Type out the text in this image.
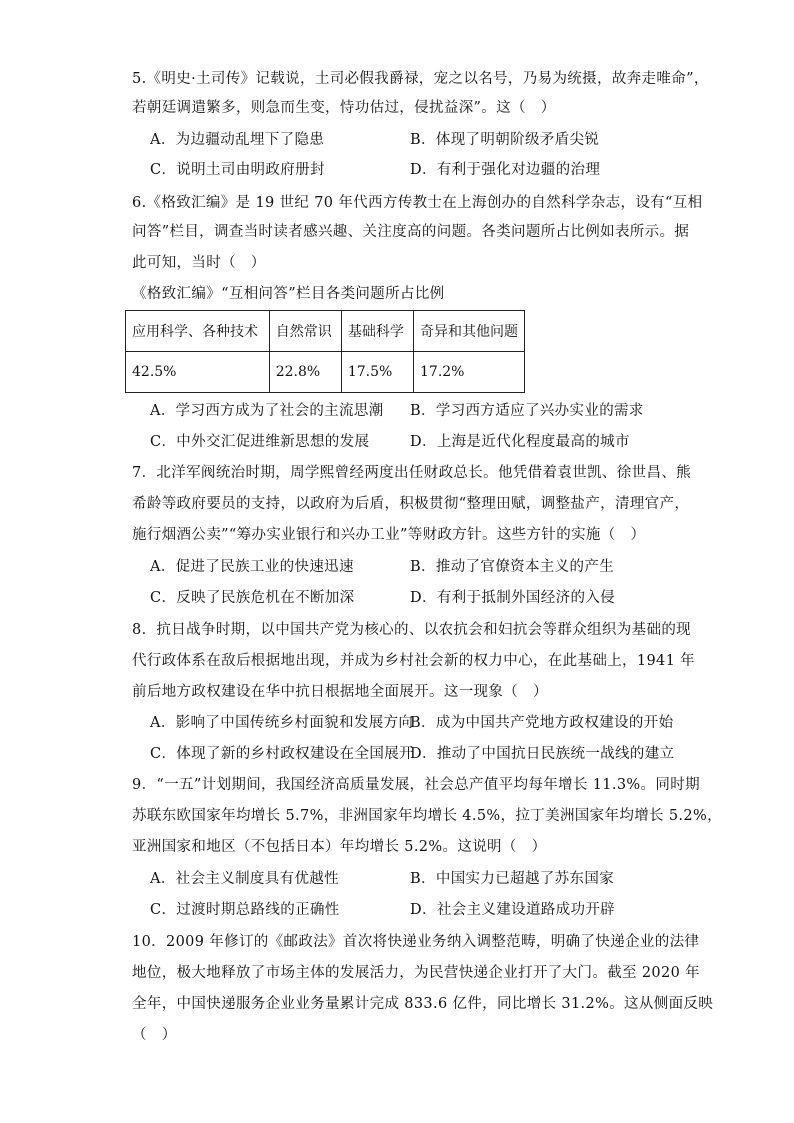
5.《明史·土司传》记载说，土司必假我爵禄，宠之以名号，乃易为统摄，故奔走唯命”，
若朝廷调遣繁多，则急而生变，恃功估过，侵扰益深”。这（　）
A．为边疆动乱埋下了隐患	B．体现了明朝阶级矛盾尖锐
C．说明土司由明政府册封	D．有利于强化对边疆的治理
6.《格致汇编》是 19 世纪 70 年代西方传教士在上海创办的自然科学杂志，设有“互相
问答”栏目，调查当时读者感兴趣、关注度高的问题。各类问题所占比例如表所示。据
此可知，当时（　）
《格致汇编》“互相问答”栏目各类问题所占比例
应用科学、各种技术	自然常识	基础科学	奇异和其他问题
42.5%	22.8%	17.5%	17.2%
A．学习西方成为了社会的主流思潮 B．学习西方适应了兴办实业的需求
C．中外交汇促进维新思想的发展	D．上海是近代化程度最高的城市
7．北洋军阀统治时期，周学熙曾经两度出任财政总长。他凭借着袁世凯、徐世昌、熊
希龄等政府要员的支持，以政府为后盾，积极贯彻“整理田赋，调整盐产，清理官产，
施行烟酒公卖”“筹办实业银行和兴办工业”等财政方针。这些方针的实施（　）
A．促进了民族工业的快速迅速	B．推动了官僚资本主义的产生
C．反映了民族危机在不断加深	D．有利于抵制外国经济的入侵
8．抗日战争时期，以中国共产党为核心的、以农抗会和妇抗会等群众组织为基础的现
代行政体系在敌后根据地出现，并成为乡村社会新的权力中心，在此基础上，1941 年
前后地方政权建设在华中抗日根据地全面展开。这一现象（　）
A．影响了中国传统乡村面貌和发展方向
B．成为中国共产党地方政权建设的开始
C．体现了新的乡村政权建设在全国展开
D．推动了中国抗日民族统一战线的建立
9．“一五”计划期间，我国经济高质量发展，社会总产值平均每年增长 11.3%。同时期
苏联东欧国家年均增长 5.7%，非洲国家年均增长 4.5%，拉丁美洲国家年均增长 5.2%，
亚洲国家和地区（不包括日本）年均增长 5.2%。这说明（　）
A．社会主义制度具有优越性	B．中国实力已超越了苏东国家
C．过渡时期总路线的正确性	D．社会主义建设道路成功开辟
10．2009 年修订的《邮政法》首次将快递业务纳入调整范畴，明确了快递企业的法律
地位，极大地释放了市场主体的发展活力，为民营快递企业打开了大门。截至 2020 年
全年，中国快递服务企业业务量累计完成 833.6 亿件，同比增长 31.2%。这从侧面反映
（　）
